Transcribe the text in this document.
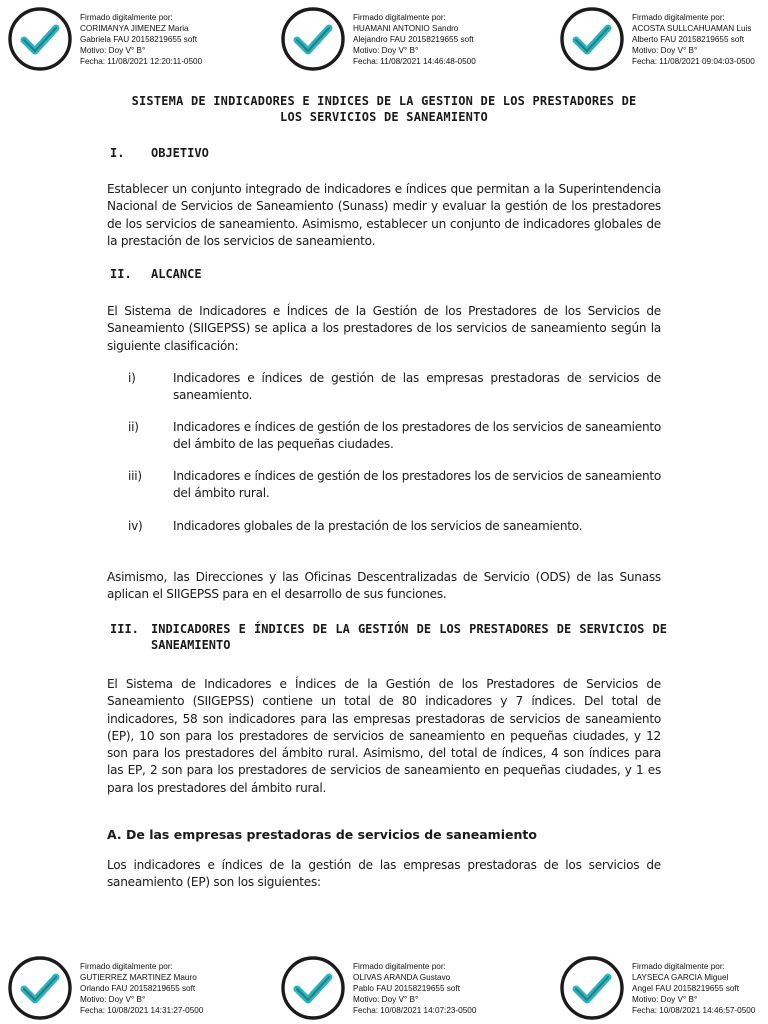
Firmado digitalmente por:
CORIMANYA JIMENEZ Maria
Gabriela FAU 20158219655 soft
Motivo: Doy V° B°
Fecha: 11/08/2021 12:20:11-0500
Firmado digitalmente por:
HUAMANI ANTONIO Sandro
Alejandro FAU 20158219655 soft
Motivo: Doy V° B°
Fecha: 11/08/2021 14:46:48-0500
Firmado digitalmente por:
ACOSTA SULLCAHUAMAN Luis
Alberto FAU 20158219655 soft
Motivo: Doy V° B°
Fecha: 11/08/2021 09:04:03-0500
SISTEMA DE INDICADORES E INDICES DE LA GESTION DE LOS PRESTADORES DE
LOS SERVICIOS DE SANEAMIENTO
I. OBJETIVO
Establecer un conjunto integrado de indicadores e índices que permitan a la Superintendencia Nacional de Servicios de Saneamiento (Sunass) medir y evaluar la gestión de los prestadores de los servicios de saneamiento. Asimismo, establecer un conjunto de indicadores globales de la prestación de los servicios de saneamiento.
II. ALCANCE
El Sistema de Indicadores e Índices de la Gestión de los Prestadores de los Servicios de Saneamiento (SIIGEPSS) se aplica a los prestadores de los servicios de saneamiento según la siguiente clasificación:
i)	Indicadores e índices de gestión de las empresas prestadoras de servicios de saneamiento.
ii)	Indicadores e índices de gestión de los prestadores de los servicios de saneamiento del ámbito de las pequeñas ciudades.
iii)	Indicadores e índices de gestión de los prestadores los de servicios de saneamiento del ámbito rural.
iv)	Indicadores globales de la prestación de los servicios de saneamiento.
Asimismo, las Direcciones y las Oficinas Descentralizadas de Servicio (ODS) de las Sunass aplican el SIIGEPSS para en el desarrollo de sus funciones.
III. INDICADORES E ÍNDICES DE LA GESTIÓN DE LOS PRESTADORES DE SERVICIOS DE SANEAMIENTO
El Sistema de Indicadores e Índices de la Gestión de los Prestadores de Servicios de Saneamiento (SIIGEPSS) contiene un total de 80 indicadores y 7 índices. Del total de indicadores, 58 son indicadores para las empresas prestadoras de servicios de saneamiento (EP), 10 son para los prestadores de servicios de saneamiento en pequeñas ciudades, y 12 son para los prestadores del ámbito rural. Asimismo, del total de índices, 4 son índices para las EP, 2 son para los prestadores de servicios de saneamiento en pequeñas ciudades, y 1 es para los prestadores del ámbito rural.
A. De las empresas prestadoras de servicios de saneamiento
Los indicadores e índices de la gestión de las empresas prestadoras de los servicios de saneamiento (EP) son los siguientes:
Firmado digitalmente por:
GUTIERREZ MARTINEZ Mauro
Orlando FAU 20158219655 soft
Motivo: Doy V° B°
Fecha: 10/08/2021 14:31:27-0500
Firmado digitalmente por:
OLIVAS ARANDA Gustavo
Pablo FAU 20158219655 soft
Motivo: Doy V° B°
Fecha: 10/08/2021 14:07:23-0500
Firmado digitalmente por:
LAYSECA GARCIA Miguel
Angel FAU 20158219655 soft
Motivo: Doy V° B°
Fecha: 10/08/2021 14:46:57-0500
